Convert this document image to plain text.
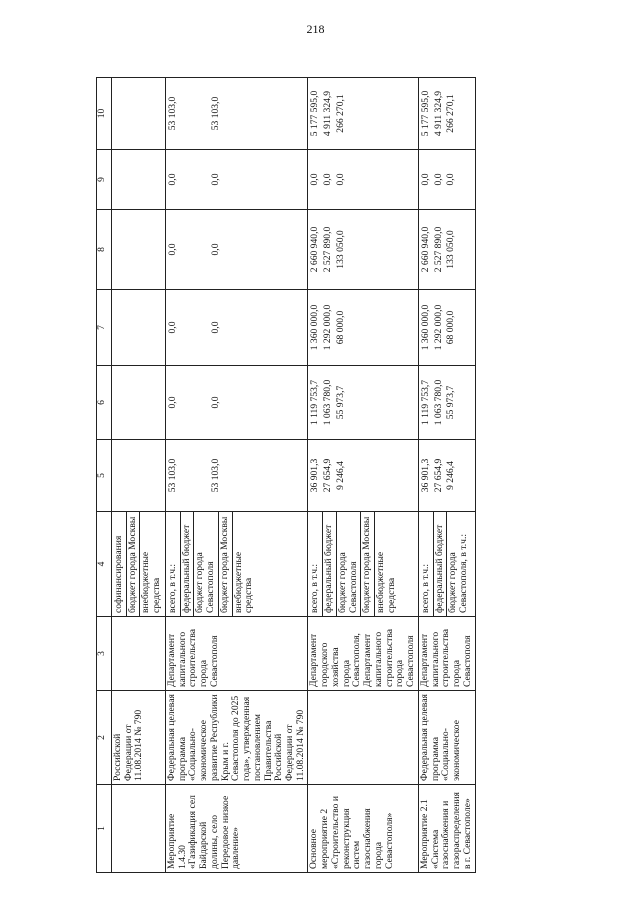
218
1	2	3	4	5	6	7	8	9	10
	Российской Федерации от 11.08.2014 № 790		софинансирования бюджет города Москвы внебюджетные средства						

Мероприятие 1.4.30 «Газификация сел Байдарской долины, село Передовое низкое давление»	Федеральная целевая программа «Социально-экономическое развитие Республики Крым и г. Севастополя до 2025 года», утвержденная постановлением Правительства Российской Федерации от 11.08.2014 № 790	Департамент капитального строительства города Севастополя	всего, в т.ч.: федеральный бюджет бюджет города Севастополя бюджет города Москвы внебюджетные средства	53 103,0 53 103,0	0,0 0,0	0,0 0,0	0,0 0,0	0,0 0,0	53 103,0 53 103,0

Основное мероприятие 2 «Строительство и реконструкция систем газоснабжения города Севастополя»		Департамент городского хозяйства города Севастополя, Департамент капитального строительства города Севастополя	всего, в т.ч.: федеральный бюджет бюджет города Севастополя бюджет города Москвы внебюджетные средства	36 901,3 27 654,9 9 246,4	1 119 753,7 1 063 780,0 55 973,7	1 360 000,0 1 292 000,0 68 000,0	2 660 940,0 2 527 890,0 133 050,0	0,0 0,0 0,0	5 177 595,0 4 911 324,9 266 270,1

Мероприятие 2.1 «Система газоснабжения и газораспределения в г. Севастополе»	Федеральная целевая программа «Социально-экономическое	Департамент капитального строительства города Севастополя	всего, в т.ч.: федеральный бюджет бюджет города Севастополя, в т.ч.:	36 901,3 27 654,9 9 246,4	1 119 753,7 1 063 780,0 55 973,7	1 360 000,0 1 292 000,0 68 000,0	2 660 940,0 2 527 890,0 133 050,0	0,0 0,0 0,0	5 177 595,0 4 911 324,9 266 270,1
